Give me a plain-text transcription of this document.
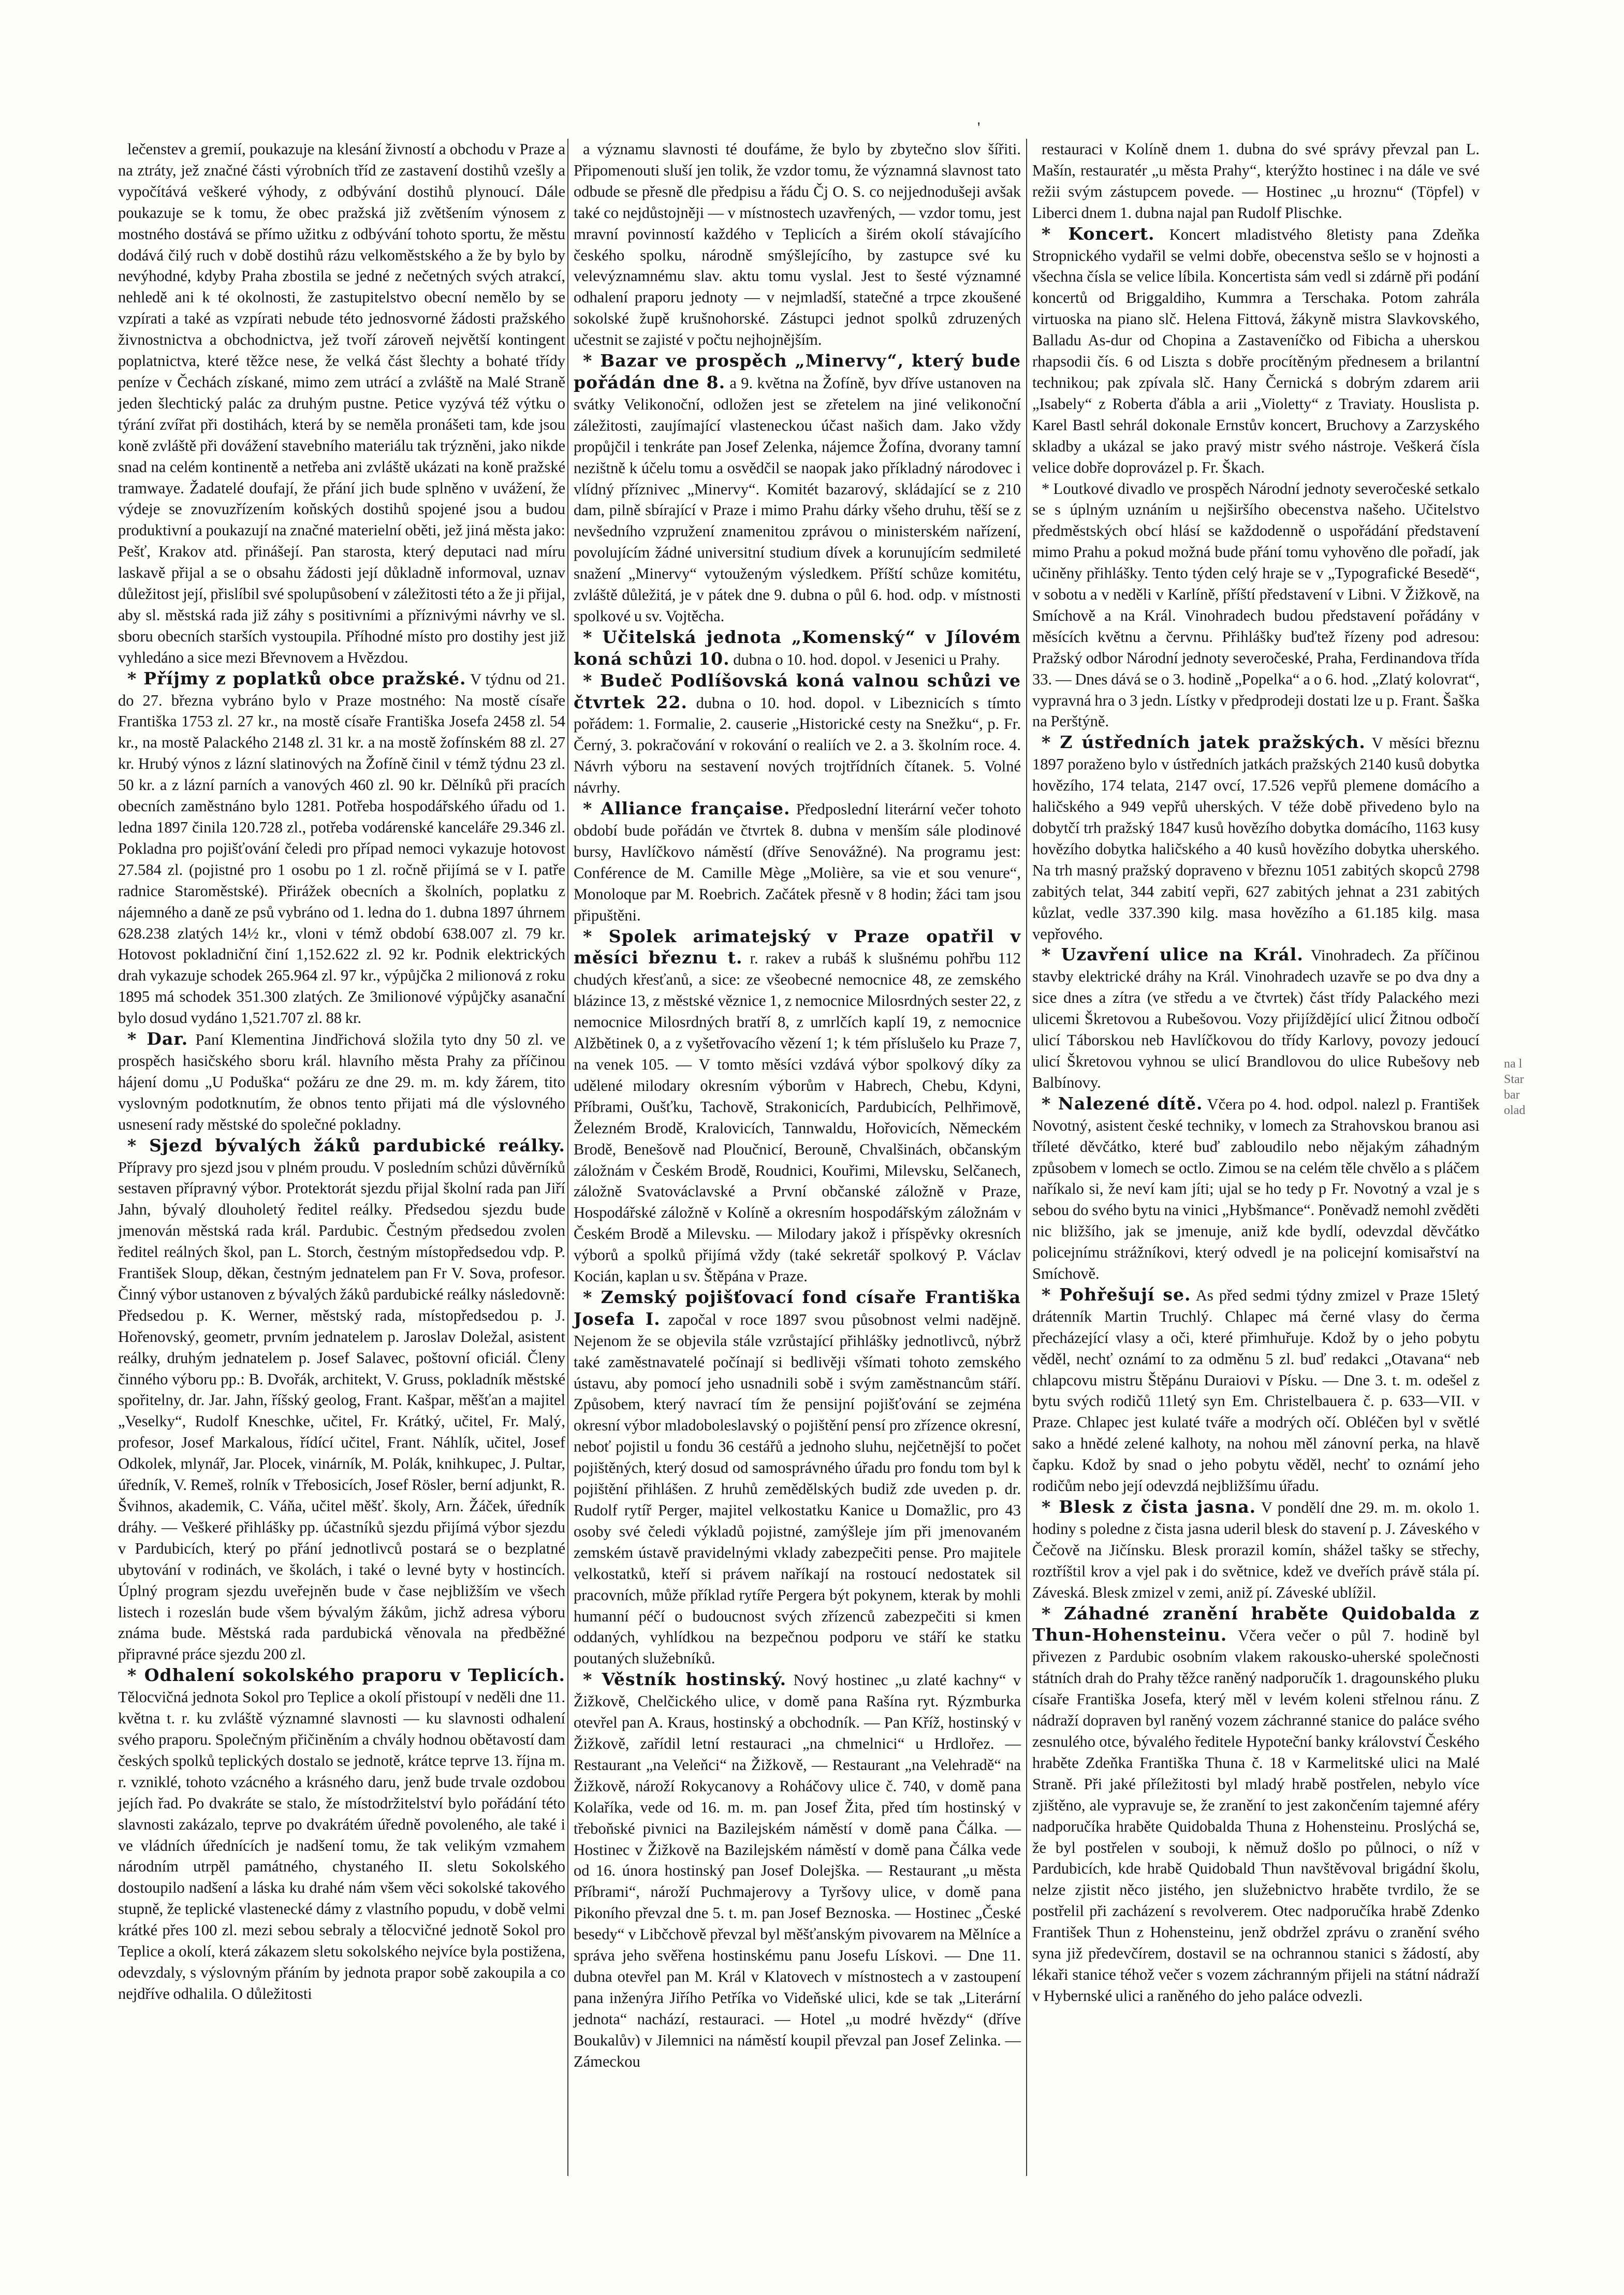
'

lečenstev a gremií, poukazuje na klesání živností a obchodu v Praze a na ztráty, jež značné části výrobních tříd ze zastavení dostihů vzešly a vypočítává veškeré výhody, z odbývání dostihů plynoucí. Dále poukazuje se k tomu, že obec pražská již zvětšením výnosem z mostného dostává se přímo užitku z odbývání tohoto sportu, že městu dodává čilý ruch v době dostihů rázu velkoměstského a že by bylo by nevýhodné, kdyby Praha zbostila se jedné z nečetných svých atrakcí, nehledě ani k té okolnosti, že zastupitelstvo obecní nemělo by se vzpírati a také as vzpírati nebude této jednosvorné žádosti pražského živnostnictva a obchodnictva, jež tvoří zároveň největší kontingent poplatnictva, které těžce nese, že velká část šlechty a bohaté třídy peníze v Čechách získané, mimo zem utrácí a zvláště na Malé Straně jeden šlechtický palác za druhým pustne. Petice vyzývá též výtku o týrání zvířat při dostihách, která by se neměla pronášeti tam, kde jsou koně zvláště při dovážení stavebního materiálu tak trýzněni, jako nikde snad na celém kontinentě a netřeba ani zvláště ukázati na koně pražské tramwaye. Žadatelé doufají, že přání jich bude splněno v uvážení, že výdeje se znovuzřízením koňských dostihů spojené jsou a budou produktivní a poukazují na značné materielní oběti, jež jiná města jako: Pešť, Krakov atd. přinášejí. Pan starosta, který deputaci nad míru laskavě přijal a se o obsahu žádosti její důkladně informoval, uznav důležitost její, přislíbil své spolupůsobení v záležitosti této a že ji přijal, aby sl. městská rada již záhy s positivními a příznivými návrhy ve sl. sboru obecních starších vystoupila. Příhodné místo pro dostihy jest již vyhledáno a sice mezi Břevnovem a Hvězdou.

* Příjmy z poplatků obce pražské. V týdnu od 21. do 27. března vybráno bylo v Praze mostného: Na mostě císaře Františka 1753 zl. 27 kr., na mostě císaře Františka Josefa 2458 zl. 54 kr., na mostě Palackého 2148 zl. 31 kr. a na mostě žofínském 88 zl. 27 kr. Hrubý výnos z lázní slatinových na Žofíně činil v témž týdnu 23 zl. 50 kr. a z lázní parních a vanových 460 zl. 90 kr. Dělníků při pracích obecních zaměstnáno bylo 1281. Potřeba hospodářského úřadu od 1. ledna 1897 činila 120.728 zl., potřeba vodárenské kanceláře 29.346 zl. Pokladna pro pojišťování čeledi pro případ nemoci vykazuje hotovost 27.584 zl. (pojistné pro 1 osobu po 1 zl. ročně přijímá se v I. patře radnice Staroměstské). Přirážek obecních a školních, poplatku z nájemného a daně ze psů vybráno od 1. ledna do 1. dubna 1897 úhrnem 628.238 zlatých 14½ kr., vloni v témž období 638.007 zl. 79 kr. Hotovost pokladniční činí 1,152.622 zl. 92 kr. Podnik elektrických drah vykazuje schodek 265.964 zl. 97 kr., výpůjčka 2 milionová z roku 1895 má schodek 351.300 zlatých. Ze 3milionové výpůjčky asanační bylo dosud vydáno 1,521.707 zl. 88 kr.

* Dar. Paní Klementina Jindřichová složila tyto dny 50 zl. ve prospěch hasičského sboru král. hlavního města Prahy za příčinou hájení domu „U Poduška“ požáru ze dne 29. m. m. kdy žárem, tito vyslovným podotknutím, že obnos tento přijati má dle výslovného usnesení rady městské do společné pokladny.

* Sjezd bývalých žáků pardubické reálky. Přípravy pro sjezd jsou v plném proudu. V posledním schůzi důvěrníků sestaven přípravný výbor. Protektorát sjezdu přijal školní rada pan Jiří Jahn, bývalý dlouholetý ředitel reálky. Předsedou sjezdu bude jmenován městská rada král. Pardubic. Čestným předsedou zvolen ředitel reálných škol, pan L. Storch, čestným místopředsedou vdp. P. František Sloup, děkan, čestným jednatelem pan Fr V. Sova, profesor. Činný výbor ustanoven z bývalých žáků pardubické reálky následovně: Předsedou p. K. Werner, městský rada, místopředsedou p. J. Hořenovský, geometr, prvním jednatelem p. Jaroslav Doležal, asistent reálky, druhým jednatelem p. Josef Salavec, poštovní oficiál. Členy činného výboru pp.: B. Dvořák, architekt, V. Gruss, pokladník městské spořitelny, dr. Jar. Jahn, říšský geolog, Frant. Kašpar, měšťan a majitel „Veselky“, Rudolf Kneschke, učitel, Fr. Krátký, učitel, Fr. Malý, profesor, Josef Markalous, řídící učitel, Frant. Náhlík, učitel, Josef Odkolek, mlynář, Jar. Plocek, vinárník, M. Polák, knihkupec, J. Pultar, úředník, V. Remeš, rolník v Třebosicích, Josef Rösler, berní adjunkt, R. Švihnos, akademik, C. Váňa, učitel měšť. školy, Arn. Žáček, úředník dráhy. — Veškeré přihlášky pp. účastníků sjezdu přijímá výbor sjezdu v Pardubicích, který po přání jednotlivců postará se o bezplatné ubytování v rodinách, ve školách, i také o levné byty v hostincích. Úplný program sjezdu uveřejněn bude v čase nejbližším ve všech listech i rozeslán bude všem bývalým žákům, jichž adresa výboru známa bude. Městská rada pardubická věnovala na předběžné připravné práce sjezdu 200 zl.

* Odhalení sokolského praporu v Teplicích. Tělocvičná jednota Sokol pro Teplice a okolí přistoupí v neděli dne 11. května t. r. ku zvláště významné slavnosti — ku slavnosti odhalení svého praporu. Společným přičiněním a chvály hodnou obětavostí dam českých spolků teplických dostalo se jednotě, krátce teprve 13. října m. r. vzniklé, tohoto vzácného a krásného daru, jenž bude trvale ozdobou jejích řad. Po dvakráte se stalo, že místodržitelství bylo pořádání této slavnosti zakázalo, teprve po dvakrátém úředně povoleného, ale také i ve vládních úřednících je nadšení tomu, že tak velikým vzmahem národním utrpěl památného, chystaného II. sletu Sokolského dostoupilo nadšení a láska ku drahé nám všem věci sokolské takového stupně, že teplické vlastenecké dámy z vlastního popudu, v době velmi krátké přes 100 zl. mezi sebou sebraly a tělocvičné jednotě Sokol pro Teplice a okolí, která zákazem sletu sokolského nejvíce byla postižena, odevzdaly, s výslovným přáním by jednota prapor sobě zakoupila a co nejdříve odhalila. O důležitosti

a významu slavnosti té doufáme, že bylo by zbytečno slov šířiti. Připomenouti sluší jen tolik, že vzdor tomu, že významná slavnost tato odbude se přesně dle předpisu a řádu Čj O. S. co nejjednodušeji avšak také co nejdůstojněji — v místnostech uzavřených, — vzdor tomu, jest mravní povinností každého v Teplicích a širém okolí stávajícího českého spolku, národně smýšlejícího, by zastupce své ku velevýznamnému slav. aktu tomu vyslal. Jest to šesté významné odhalení praporu jednoty — v nejmladší, statečné a trpce zkoušené sokolské župě krušnohorské. Zástupci jednot spolků zdruzených učestnit se zajisté v počtu nejhojnějším.

* Bazar ve prospěch „Minervy“, který bude pořádán dne 8. a 9. května na Žofíně, byv dříve ustanoven na svátky Velikonoční, odložen jest se zřetelem na jiné velikonoční záležitosti, zaujímající vlasteneckou účast našich dam. Jako vždy propůjčil i tenkráte pan Josef Zelenka, nájemce Žofína, dvorany tamní nezištně k účelu tomu a osvědčil se naopak jako příkladný národovec i vlídný příznivec „Minervy“. Komitét bazarový, skládající se z 210 dam, pilně sbírající v Praze i mimo Prahu dárky všeho druhu, těší se z nevšedního vzpružení znamenitou zprávou o ministerském nařízení, povolujícím žádné universitní studium dívek a korunujícím sedmileté snažení „Minervy“ vytouženým výsledkem. Příští schůze komitétu, zvláště důležitá, je v pátek dne 9. dubna o půl 6. hod. odp. v místnosti spolkové u sv. Vojtěcha.

* Učitelská jednota „Komenský“ v Jílovém koná schůzi 10. dubna o 10. hod. dopol. v Jesenici u Prahy.

* Budeč Podlíšovská koná valnou schůzi ve čtvrtek 22. dubna o 10. hod. dopol. v Libeznicích s tímto pořádem: 1. Formalie, 2. causerie „Historické cesty na Snežku“, p. Fr. Černý, 3. pokračování v rokování o realiích ve 2. a 3. školním roce. 4. Návrh výboru na sestavení nových trojtřídních čítanek. 5. Volné návrhy.

* Alliance française. Předposlední literární večer tohoto období bude pořádán ve čtvrtek 8. dubna v menším sále plodinové bursy, Havlíčkovo náměstí (dříve Senovážné). Na programu jest: Conférence de M. Camille Mège „Molière, sa vie et sou venure“, Monoloque par M. Roebrich. Začátek přesně v 8 hodin; žáci tam jsou připuštěni.

* Spolek arimatejský v Praze opatřil v měsíci březnu t. r. rakev a rubáš k slušnému pohřbu 112 chudých křesťanů, a sice: ze všeobecné nemocnice 48, ze zemského blázince 13, z městské věznice 1, z nemocnice Milosrdných sester 22, z nemocnice Milosrdných bratří 8, z umrlčích kaplí 19, z nemocnice Alžbětinek 0, a z vyšetřovacího vězení 1; k tém příslušelo ku Praze 7, na venek 105. — V tomto měsíci vzdává výbor spolkový díky za udělené milodary okresním výborům v Habrech, Chebu, Kdyni, Příbrami, Oušťku, Tachově, Strakonicích, Pardubicích, Pelhřimově, Železném Brodě, Kralovicích, Tannwaldu, Hořovicích, Německém Brodě, Benešově nad Ploučnicí, Berouně, Chvalšinách, občanským záložnám v Českém Brodě, Roudnici, Kouřimi, Milevsku, Selčanech, záložně Svatováclavské a První občanské záložně v Praze, Hospodářské záložně v Kolíně a okresním hospodářským záložnám v Českém Brodě a Milevsku. — Milodary jakož i příspěvky okresních výborů a spolků přijímá vždy (také sekretář spolkový P. Václav Kocián, kaplan u sv. Štěpána v Praze.

* Zemský pojišťovací fond císaře Františka Josefa I. započal v roce 1897 svou působnost velmi nadějně. Nejenom že se objevila stále vzrůstající přihlášky jednotlivců, nýbrž také zaměstnavatelé počínají si bedlivěji všímati tohoto zemského ústavu, aby pomocí jeho usnadnili sobě i svým zaměstnancům stáří. Způsobem, který navrací tím že pensijní pojišťování se zejména okresní výbor mladoboleslavský o pojištění pensí pro zřízence okresní, neboť pojistil u fondu 36 cestářů a jednoho sluhu, nejčetnější to počet pojištěných, který dosud od samosprávného úřadu pro fondu tom byl k pojištění přihlášen. Z hruhů zemědělských budiž zde uveden p. dr. Rudolf rytíř Perger, majitel velkostatku Kanice u Domažlic, pro 43 osoby své čeledi výkladů pojistné, zamýšleje jím při jmenovaném zemském ústavě pravidelnými vklady zabezpečiti pense. Pro majitele velkostatků, kteří si právem naříkají na rostoucí nedostatek sil pracovních, může příklad rytíře Pergera být pokynem, kterak by mohli humanní péčí o budoucnost svých zřízenců zabezpečiti si kmen oddaných, vyhlídkou na bezpečnou podporu ve stáří ke statku poutaných služebníků.

* Věstník hostinský. Nový hostinec „u zlaté kachny“ v Žižkově, Chelčického ulice, v domě pana Rašína ryt. Rýzmburka otevřel pan A. Kraus, hostinský a obchodník. — Pan Kříž, hostinský v Žižkově, zařídil letní restauraci „na chmelnici“ u Hrdlořez. — Restaurant „na Veleňci“ na Žižkově, — Restaurant „na Velehradě“ na Žižkově, nároží Rokycanovy a Roháčovy ulice č. 740, v domě pana Kolaříka, vede od 16. m. m. pan Josef Žita, před tím hostinský v třeboňské pivnici na Bazilejském náměstí v domě pana Čálka. — Hostinec v Žižkově na Bazilejském náměstí v domě pana Čálka vede od 16. února hostinský pan Josef Dolejška. — Restaurant „u města Příbrami“, nároží Puchmajerovy a Tyršovy ulice, v domě pana Pikoního převzal dne 5. t. m. pan Josef Beznoska. — Hostinec „České besedy“ v Libčchově převzal byl měšťanským pivovarem na Mělníce a správa jeho svěřena hostinskému panu Josefu Lískovi. — Dne 11. dubna otevřel pan M. Král v Klatovech v místnostech a v zastoupení pana inženýra Jiřího Petříka vo Videňské ulici, kde se tak „Literární jednota“ nachází, restauraci. — Hotel „u modré hvězdy“ (dříve Boukalův) v Jilemnici na náměstí koupil převzal pan Josef Zelinka. — Zámeckou

restauraci v Kolíně dnem 1. dubna do své správy převzal pan L. Mašín, restauratér „u města Prahy“, kterýžto hostinec i na dále ve své režii svým zástupcem povede. — Hostinec „u hroznu“ (Töpfel) v Liberci dnem 1. dubna najal pan Rudolf Plischke.

* Koncert. Koncert mladistvého 8letisty pana Zdeňka Stropnického vydařil se velmi dobře, obecenstva sešlo se v hojnosti a všechna čísla se velice líbila. Koncertista sám vedl si zdárně při podání koncertů od Briggaldiho, Kummra a Terschaka. Potom zahrála virtuoska na piano slč. Helena Fittová, žákyně mistra Slavkovského, Balladu As-dur od Chopina a Zastaveníčko od Fibicha a uherskou rhapsodii čís. 6 od Liszta s dobře procítěným přednesem a brilantní technikou; pak zpívala slč. Hany Černická s dobrým zdarem arii „Isabely“ z Roberta ďábla a arii „Violetty“ z Traviaty. Houslista p. Karel Bastl sehrál dokonale Ernstův koncert, Bruchovy a Zarzyského skladby a ukázal se jako pravý mistr svého nástroje. Veškerá čísla velice dobře doprovázel p. Fr. Škach.

* Loutkové divadlo ve prospěch Národní jednoty severočeské setkalo se s úplným uznáním u nejširšího obecenstva našeho. Učitelstvo předměstských obcí hlásí se každodenně o uspořádání představení mimo Prahu a pokud možná bude přání tomu vyhověno dle pořadí, jak učiněny přihlášky. Tento týden celý hraje se v „Typografické Besedě“, v sobotu a v neděli v Karlíně, příští představení v Libni. V Žižkově, na Smíchově a na Král. Vinohradech budou představení pořádány v měsících květnu a červnu. Přihlášky buďtež řízeny pod adresou: Pražský odbor Národní jednoty severočeské, Praha, Ferdinandova třída 33. — Dnes dává se o 3. hodině „Popelka“ a o 6. hod. „Zlatý kolovrat“, vypravná hra o 3 jedn. Lístky v předprodeji dostati lze u p. Frant. Šaška na Perštýně.

* Z ústředních jatek pražských. V měsíci březnu 1897 poraženo bylo v ústředních jatkách pražských 2140 kusů dobytka hovězího, 174 telata, 2147 ovcí, 17.526 vepřů plemene domácího a haličského a 949 vepřů uherských. V téže době přivedeno bylo na dobytčí trh pražský 1847 kusů hovězího dobytka domácího, 1163 kusy hovězího dobytka haličského a 40 kusů hovězího dobytka uherského. Na trh masný pražský dopraveno v březnu 1051 zabitých skopců 2798 zabitých telat, 344 zabití vepři, 627 zabitých jehnat a 231 zabitých kůzlat, vedle 337.390 kilg. masa hovězího a 61.185 kilg. masa vepřového.

* Uzavření ulice na Král. Vinohradech. Za příčinou stavby elektrické dráhy na Král. Vinohradech uzavře se po dva dny a sice dnes a zítra (ve středu a ve čtvrtek) část třídy Palackého mezi ulicemi Škretovou a Rubešovou. Vozy přijíždějící ulicí Žitnou odbočí ulicí Táborskou neb Havlíčkovou do třídy Karlovy, povozy jedoucí ulicí Škretovou vyhnou se ulicí Brandlovou do ulice Rubešovy neb Balbínovy.

* Nalezené dítě. Včera po 4. hod. odpol. nalezl p. František Novotný, asistent české techniky, v lomech za Strahovskou branou asi tříleté děvčátko, které buď zabloudilo nebo nějakým záhadným způsobem v lomech se octlo. Zimou se na celém těle chvělo a s pláčem naříkalo si, že neví kam jíti; ujal se ho tedy p Fr. Novotný a vzal je s sebou do svého bytu na vinici „Hybšmance“. Poněvadž nemohl zvěděti nic bližšího, jak se jmenuje, aniž kde bydlí, odevzdal děvčátko policejnímu strážníkovi, který odvedl je na policejní komisařství na Smíchově.

* Pohřešují se. As před sedmi týdny zmizel v Praze 15letý drátenník Martin Truchlý. Chlapec má černé vlasy do čerma přecházející vlasy a oči, které přimhuřuje. Kdož by o jeho pobytu věděl, nechť oznámí to za odměnu 5 zl. buď redakci „Otavana“ neb chlapcovu mistru Štěpánu Duraiovi v Písku. — Dne 3. t. m. odešel z bytu svých rodičů 11letý syn Em. Christelbauera č. p. 633—VII. v Praze. Chlapec jest kulaté tváře a modrých očí. Obléčen byl v světlé sako a hnědé zelené kalhoty, na nohou měl zánovní perka, na hlavě čapku. Kdož by snad o jeho pobytu věděl, nechť to oznámí jeho rodičům nebo její odevzdá nejbližšímu úřadu.

* Blesk z čista jasna. V pondělí dne 29. m. m. okolo 1. hodiny s poledne z čista jasna uderil blesk do stavení p. J. Záveského v Čečově na Jičínsku. Blesk prorazil komín, shážel tašky se střechy, roztříštil krov a vjel pak i do světnice, kdež ve dveřích právě stála pí. Záveská. Blesk zmizel v zemi, aniž pí. Záveské ublížil.

* Záhadné zranění hraběte Quidobalda z Thun-Hohensteinu. Včera večer o půl 7. hodině byl přivezen z Pardubic osobním vlakem rakousko-uherské společnosti státních drah do Prahy těžce raněný nadporučík 1. dragounského pluku císaře Františka Josefa, který měl v levém koleni střelnou ránu. Z nádraží dopraven byl raněný vozem záchranné stanice do paláce svého zesnulého otce, bývalého ředitele Hypoteční banky království Českého hraběte Zdeňka Františka Thuna č. 18 v Karmelitské ulici na Malé Straně. Při jaké příležitosti byl mladý hrabě postřelen, nebylo více zjištěno, ale vypravuje se, že zranění to jest zakončením tajemné aféry nadporučíka hraběte Quidobalda Thuna z Hohensteinu. Proslýchá se, že byl postřelen v souboji, k němuž došlo po půlnoci, o níž v Pardubicích, kde hrabě Quidobald Thun navštěvoval brigádní školu, nelze zjistit něco jistého, jen služebnictvo hraběte tvrdilo, že se postřelil při zacházení s revolverem. Otec nadporučíka hrabě Zdenko František Thun z Hohensteinu, jenž obdržel zprávu o zranění svého syna již předevčírem, dostavil se na ochrannou stanici s žádostí, aby lékaři stanice téhož večer s vozem záchranným přijeli na státní nádraží v Hybernské ulici a raněného do jeho paláce odvezli.

na l
Star
bar
olad
